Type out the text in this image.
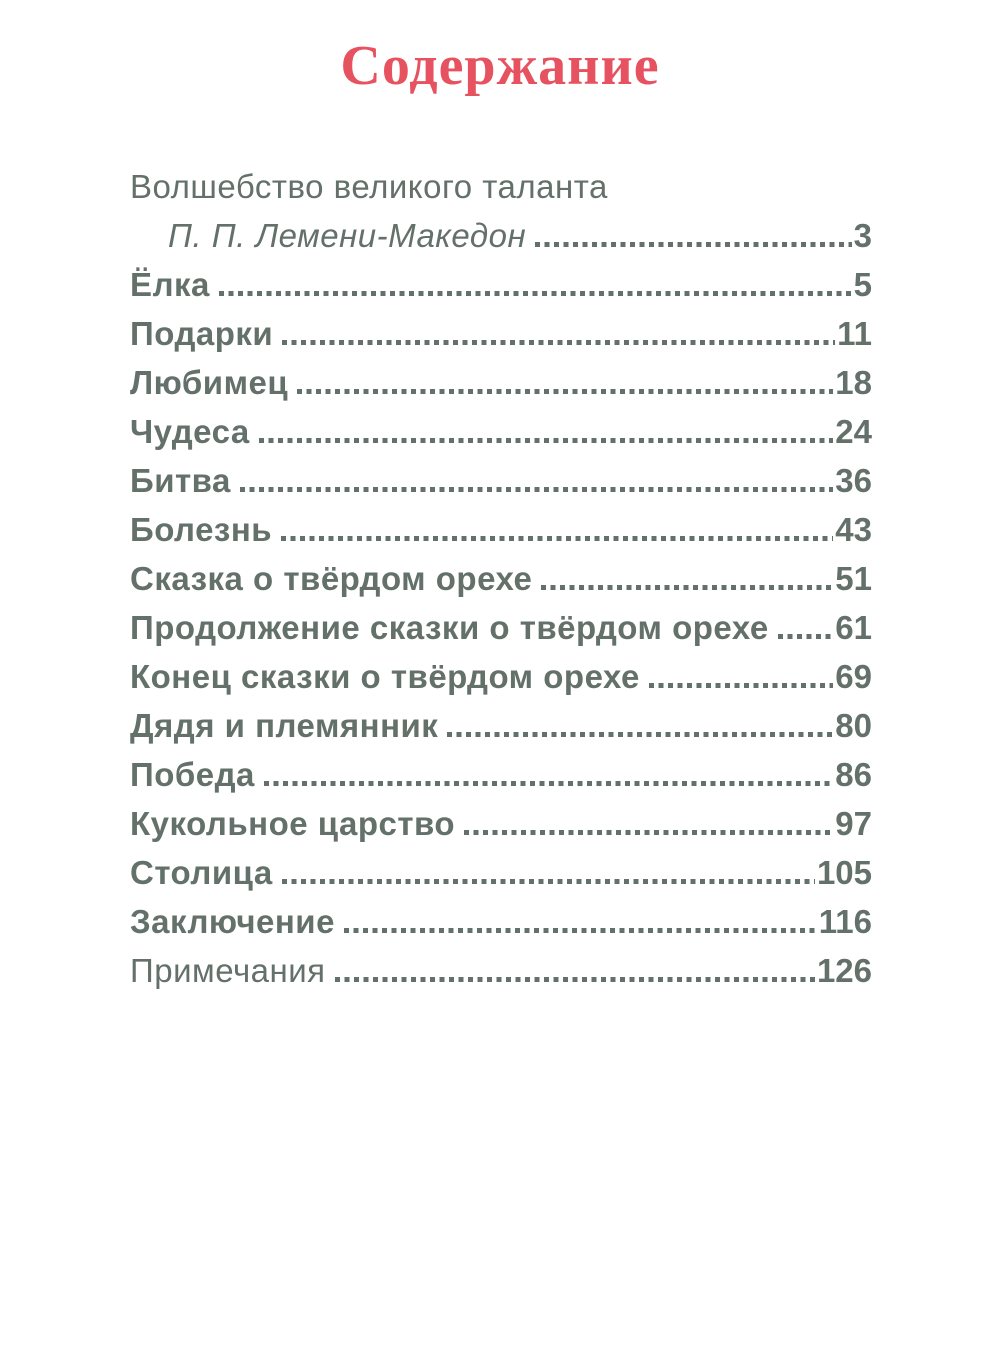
Содержание
Волшебство великого таланта
П. П. Лемени-Македон	3
Ёлка	5
Подарки	11
Любимец	18
Чудеса	24
Битва	36
Болезнь	43
Сказка о твёрдом орехе	51
Продолжение сказки о твёрдом орехе 61
Конец сказки о твёрдом орехе	69
Дядя и племянник	80
Победа	86
Кукольное царство	97
Столица	105
Заключение	116
Примечания	126
